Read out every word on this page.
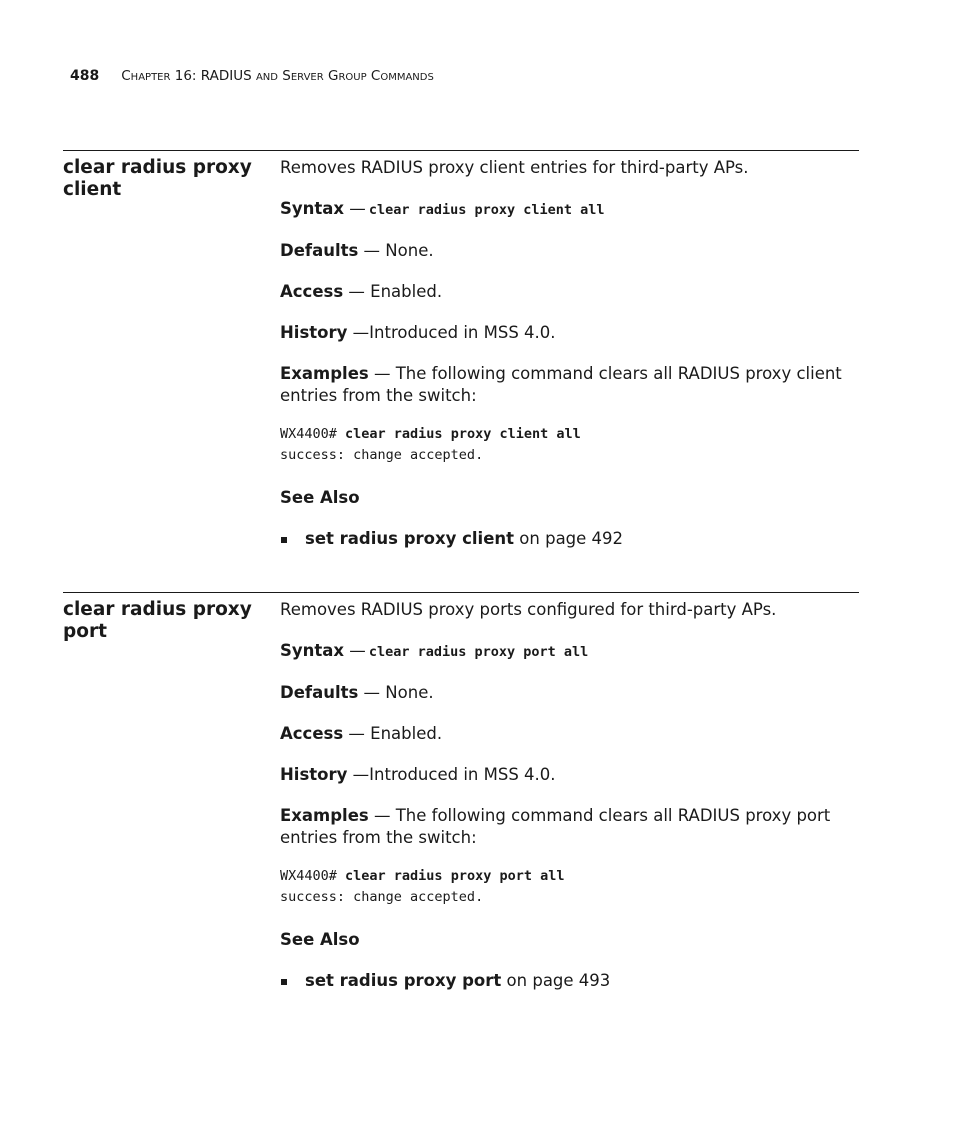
488 CHAPTER 16: RADIUS AND SERVER GROUP COMMANDS
clear radius proxy client

Removes RADIUS proxy client entries for third-party APs.

Syntax — clear radius proxy client all

Defaults — None.

Access — Enabled.

History —Introduced in MSS 4.0.

Examples — The following command clears all RADIUS proxy client entries from the switch:

WX4400# clear radius proxy client all
success: change accepted.

See Also

set radius proxy client on page 492

clear radius proxy port

Removes RADIUS proxy ports configured for third-party APs.

Syntax — clear radius proxy port all

Defaults — None.

Access — Enabled.

History —Introduced in MSS 4.0.

Examples — The following command clears all RADIUS proxy port entries from the switch:

WX4400# clear radius proxy port all
success: change accepted.

See Also

set radius proxy port on page 493
